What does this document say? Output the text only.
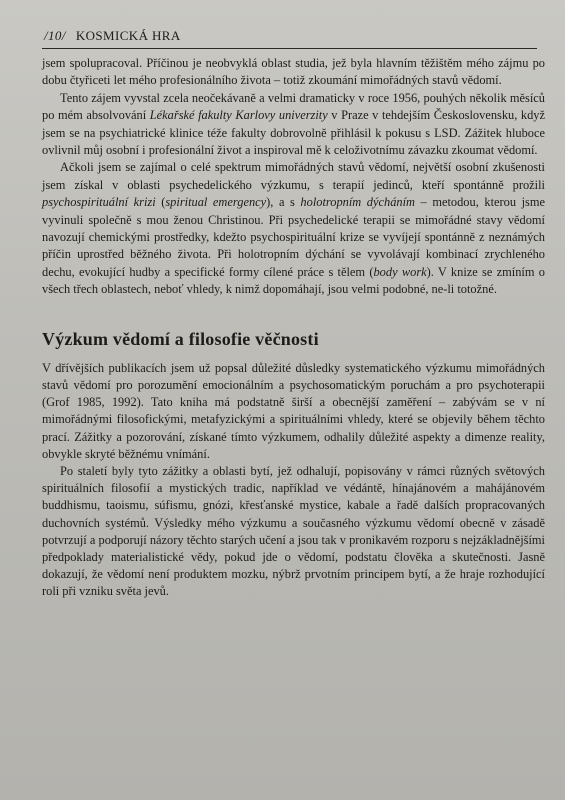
/10/ KOSMICKÁ HRA

jsem spolupracoval. Příčinou je neobvyklá oblast studia, jež byla hlavním těžištěm mého zájmu po dobu čtyřiceti let mého profesionálního života – totiž zkoumání mimořádných stavů vědomí.

Tento zájem vyvstal zcela neočekávaně a velmi dramaticky v roce 1956, pouhých několik měsíců po mém absolvování Lékařské fakulty Karlovy univerzity v Praze v tehdejším Československu, když jsem se na psychiatrické klinice téže fakulty dobrovolně přihlásil k pokusu s LSD. Zážitek hluboce ovlivnil můj osobní i profesionální život a inspiroval mě k celoživotnímu závazku zkoumat vědomí.

Ačkoli jsem se zajímal o celé spektrum mimořádných stavů vědomí, největší osobní zkušenosti jsem získal v oblasti psychedelického výzkumu, s terapií jedinců, kteří spontánně prožili psychospirituální krizi (spiritual emergency), a s holotropním dýcháním – metodou, kterou jsme vyvinuli společně s mou ženou Christinou. Při psychedelické terapii se mimořádné stavy vědomí navozují chemickými prostředky, kdežto psychospirituální krize se vyvíjejí spontánně z neznámých příčin uprostřed běžného života. Při holotropním dýchání se vyvolávají kombinací zrychleného dechu, evokující hudby a specifické formy cílené práce s tělem (body work). V knize se zmíním o všech třech oblastech, neboť vhledy, k nimž dopomáhají, jsou velmi podobné, ne-li totožné.

Výzkum vědomí a filosofie věčnosti

V dřívějších publikacích jsem už popsal důležité důsledky systematického výzkumu mimořádných stavů vědomí pro porozumění emocionálním a psychosomatickým poruchám a pro psychoterapii (Grof 1985, 1992). Tato kniha má podstatně širší a obecnější zaměření – zabývám se v ní mimořádnými filosofickými, metafyzickými a spirituálními vhledy, které se objevily během těchto prací. Zážitky a pozorování, získané tímto výzkumem, odhalily důležité aspekty a dimenze reality, obvykle skryté běžnému vnímání.

Po staletí byly tyto zážitky a oblasti bytí, jež odhalují, popisovány v rámci různých světových spirituálních filosofií a mystických tradic, například ve védántě, hínajánovém a mahájánovém buddhismu, taoismu, súfismu, gnózi, křesťanské mystice, kabale a řadě dalších propracovaných duchovních systémů. Výsledky mého výzkumu a současného výzkumu vědomí obecně v zásadě potvrzují a podporují názory těchto starých učení a jsou tak v pronikavém rozporu s nejzákladnějšími předpoklady materialistické vědy, pokud jde o vědomí, podstatu člověka a skutečnosti. Jasně dokazují, že vědomí není produktem mozku, nýbrž prvotním principem bytí, a že hraje rozhodující roli při vzniku světa jevů.
